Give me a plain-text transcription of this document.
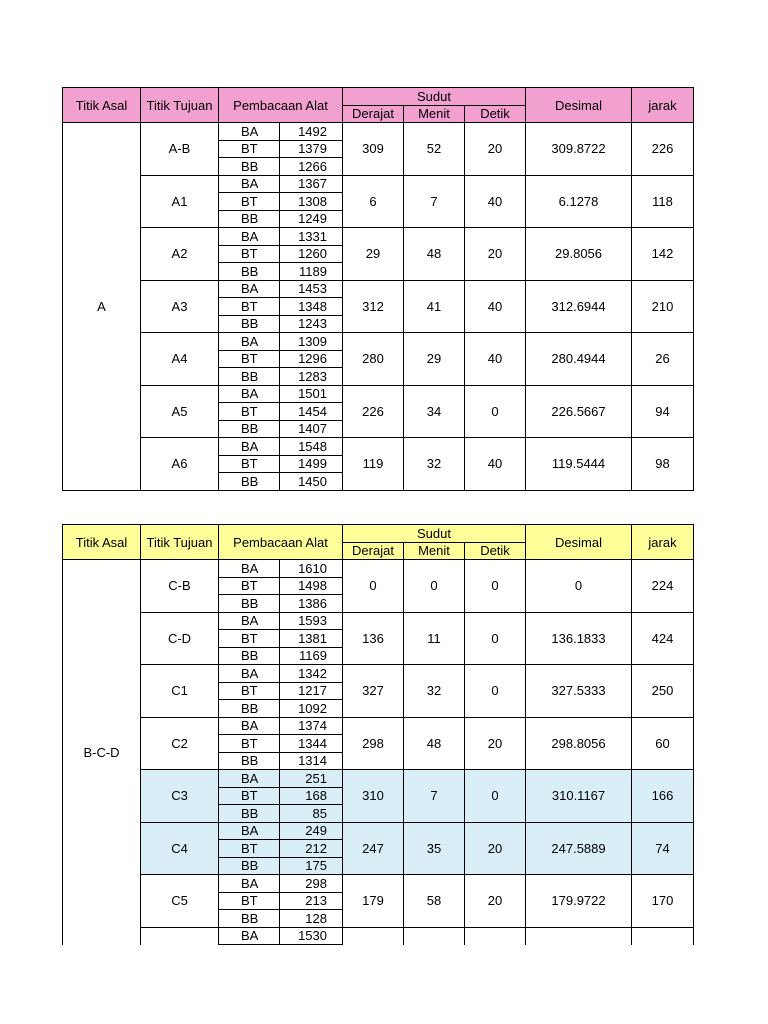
Titik Asal	Titik Tujuan	Pembacaan Alat		Sudut			Desimal	jarak
				Derajat	Menit	Detik		
A	A-B	BA	1492	309	52	20	309.8722	226
		BT	1379					
		BB	1266					
	A1	BA	1367	6	7	40	6.1278	118
		BT	1308					
		BB	1249					
	A2	BA	1331	29	48	20	29.8056	142
		BT	1260					
		BB	1189					
	A3	BA	1453	312	41	40	312.6944	210
		BT	1348					
		BB	1243					
	A4	BA	1309	280	29	40	280.4944	26
		BT	1296					
		BB	1283					
	A5	BA	1501	226	34	0	226.5667	94
		BT	1454					
		BB	1407					
	A6	BA	1548	119	32	40	119.5444	98
		BT	1499					
		BB	1450					
Titik Asal	Titik Tujuan	Pembacaan Alat		Sudut			Desimal	jarak
				Derajat	Menit	Detik		
B-C-D	C-B	BA	1610	0	0	0	0	224
		BT	1498					
		BB	1386					
	C-D	BA	1593	136	11	0	136.1833	424
		BT	1381					
		BB	1169					
	C1	BA	1342	327	32	0	327.5333	250
		BT	1217					
		BB	1092					
	C2	BA	1374	298	48	20	298.8056	60
		BT	1344					
		BB	1314					
	C3	BA	251	310	7	0	310.1167	166
		BT	168					
		BB	85					
	C4	BA	249	247	35	20	247.5889	74
		BT	212					
		BB	175					
	C5	BA	298	179	58	20	179.9722	170
		BT	213					
		BB	128					
		BA	1530					
